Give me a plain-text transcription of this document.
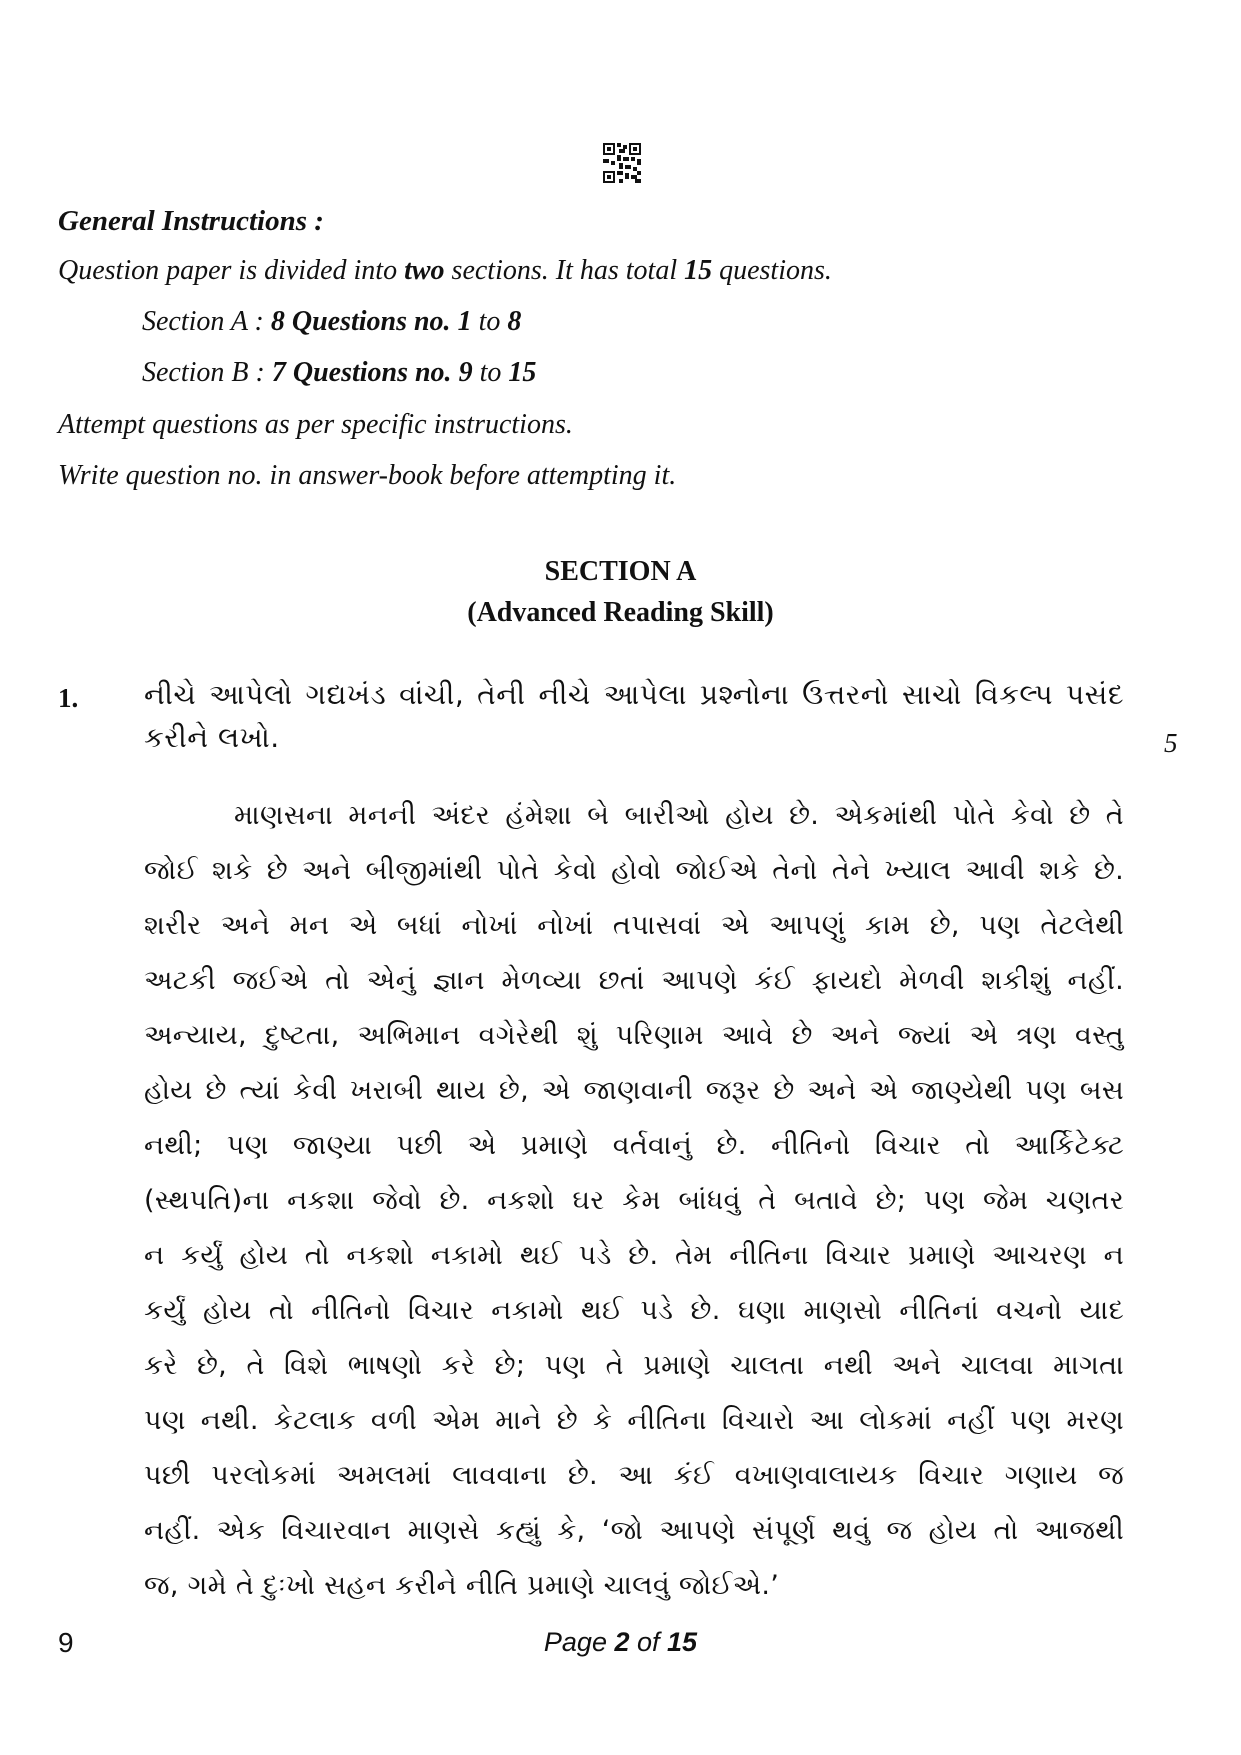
General Instructions :
Question paper is divided into two sections. It has total 15 questions.
Section A : 8 Questions no. 1 to 8
Section B : 7 Questions no. 9 to 15
Attempt questions as per specific instructions.
Write question no. in answer-book before attempting it.
SECTION A
(Advanced Reading Skill)
1. નીચે આપેલો ગદ્યખંડ વાંચી, તેની નીચે આપેલા પ્રશ્નોના ઉત્તરનો સાચો વિકલ્પ પસંદ
કરીને લખો.	5
માણસના મનની અંદર હંમેશા બે બારીઓ હોય છે. એકમાંથી પોતે કેવો છે તે
જોઈ શકે છે અને બીજીમાંથી પોતે કેવો હોવો જોઈએ તેનો તેને ખ્યાલ આવી શકે છે.
શરીર અને મન એ બધાં નોખાં નોખાં તપાસવાં એ આપણું કામ છે, પણ તેટલેથી
અટકી જઈએ તો એનું જ્ઞાન મેળવ્યા છતાં આપણે કંઈ ફાયદો મેળવી શકીશું નહીં.
અન્યાય, દુષ્ટતા, અભિમાન વગેરેથી શું પરિણામ આવે છે અને જ્યાં એ ત્રણ વસ્તુ
હોય છે ત્યાં કેવી ખરાબી થાય છે, એ જાણવાની જરૂર છે અને એ જાણ્યેથી પણ બસ
નથી; પણ જાણ્યા પછી એ પ્રમાણે વર્તવાનું છે. નીતિનો વિચાર તો આર્કિટેક્ટ
(સ્થપતિ)ના નકશા જેવો છે. નકશો ઘર કેમ બાંધવું તે બતાવે છે; પણ જેમ ચણતર
ન કર્યું હોય તો નકશો નકામો થઈ પડે છે. તેમ નીતિના વિચાર પ્રમાણે આચરણ ન
કર્યું હોય તો નીતિનો વિચાર નકામો થઈ પડે છે. ઘણા માણસો નીતિનાં વચનો યાદ
કરે છે, તે વિશે ભાષણો કરે છે; પણ તે પ્રમાણે ચાલતા નથી અને ચાલવા માગતા
પણ નથી. કેટલાક વળી એમ માને છે કે નીતિના વિચારો આ લોકમાં નહીં પણ મરણ
પછી પરલોકમાં અમલમાં લાવવાના છે. આ કંઈ વખાણવાલાયક વિચાર ગણાય જ
નહીં. એક વિચારવાન માણસે કહ્યું કે, ‘જો આપણે સંપૂર્ણ થવું જ હોય તો આજથી
જ, ગમે તે દુઃખો સહન કરીને નીતિ પ્રમાણે ચાલવું જોઈએ.’
9	Page 2 of 15
